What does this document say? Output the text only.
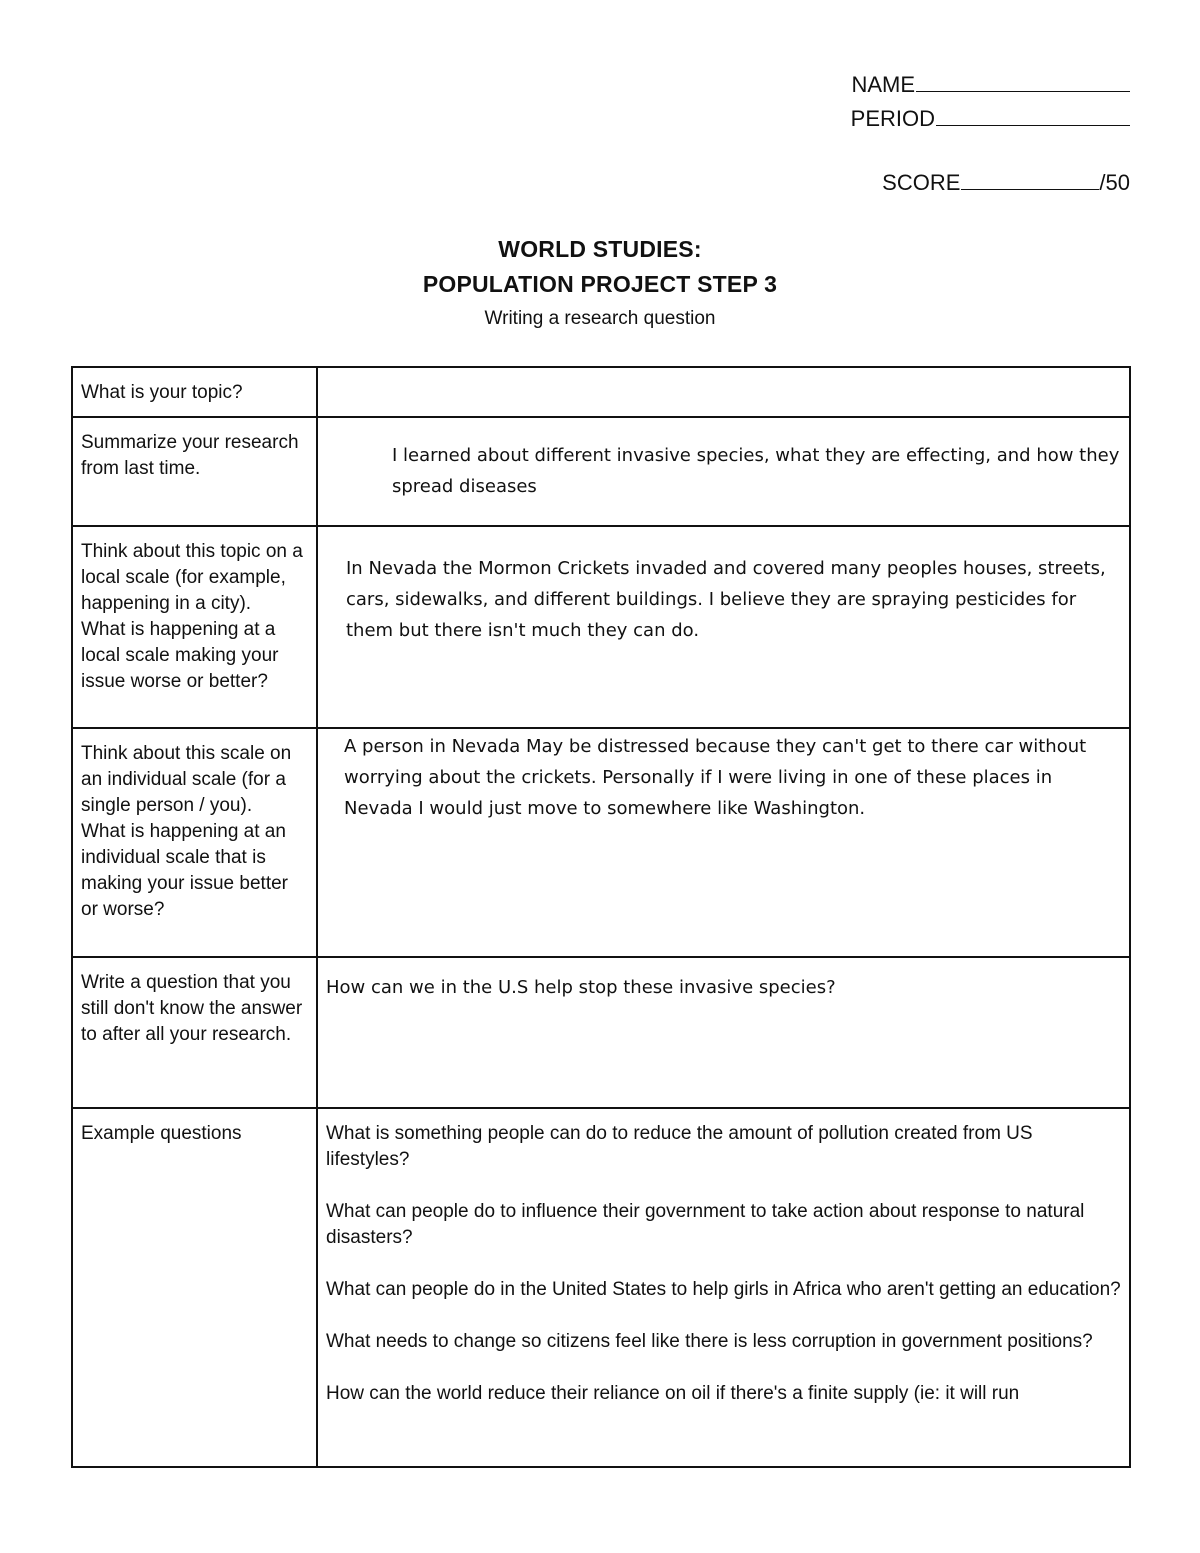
NAME
PERIOD
SCORE	/50
WORLD STUDIES:
POPULATION PROJECT STEP 3
Writing a research question
What is your topic?	
Summarize your research from last time.	I learned about different invasive species, what they are effecting, and how they spread diseases

Think about this topic on a local scale (for example, happening in a city).
What is happening at a local scale making your issue worse or better?	In Nevada the Mormon Crickets invaded and covered many peoples houses, streets, cars, sidewalks, and different buildings. I believe they are spraying pesticides for them but there isn't much they can do.

Think about this scale on an individual scale (for a single person / you).
What is happening at an individual scale that is making your issue better or worse?	A person in Nevada May be distressed because they can't get to there car without worrying about the crickets. Personally if I were living in one of these places in Nevada I would just move to somewhere like Washington.
Write a question that you still don't know the answer to after all your research.	How can we in the U.S help stop these invasive species?
Example questions	What is something people can do to reduce the amount of pollution created from US lifestyles?

What can people do to influence their government to take action about response to natural disasters?

What can people do in the United States to help girls in Africa who aren't getting an education?

What needs to change so citizens feel like there is less corruption in government positions?

How can the world reduce their reliance on oil if there's a finite supply (ie: it will run
